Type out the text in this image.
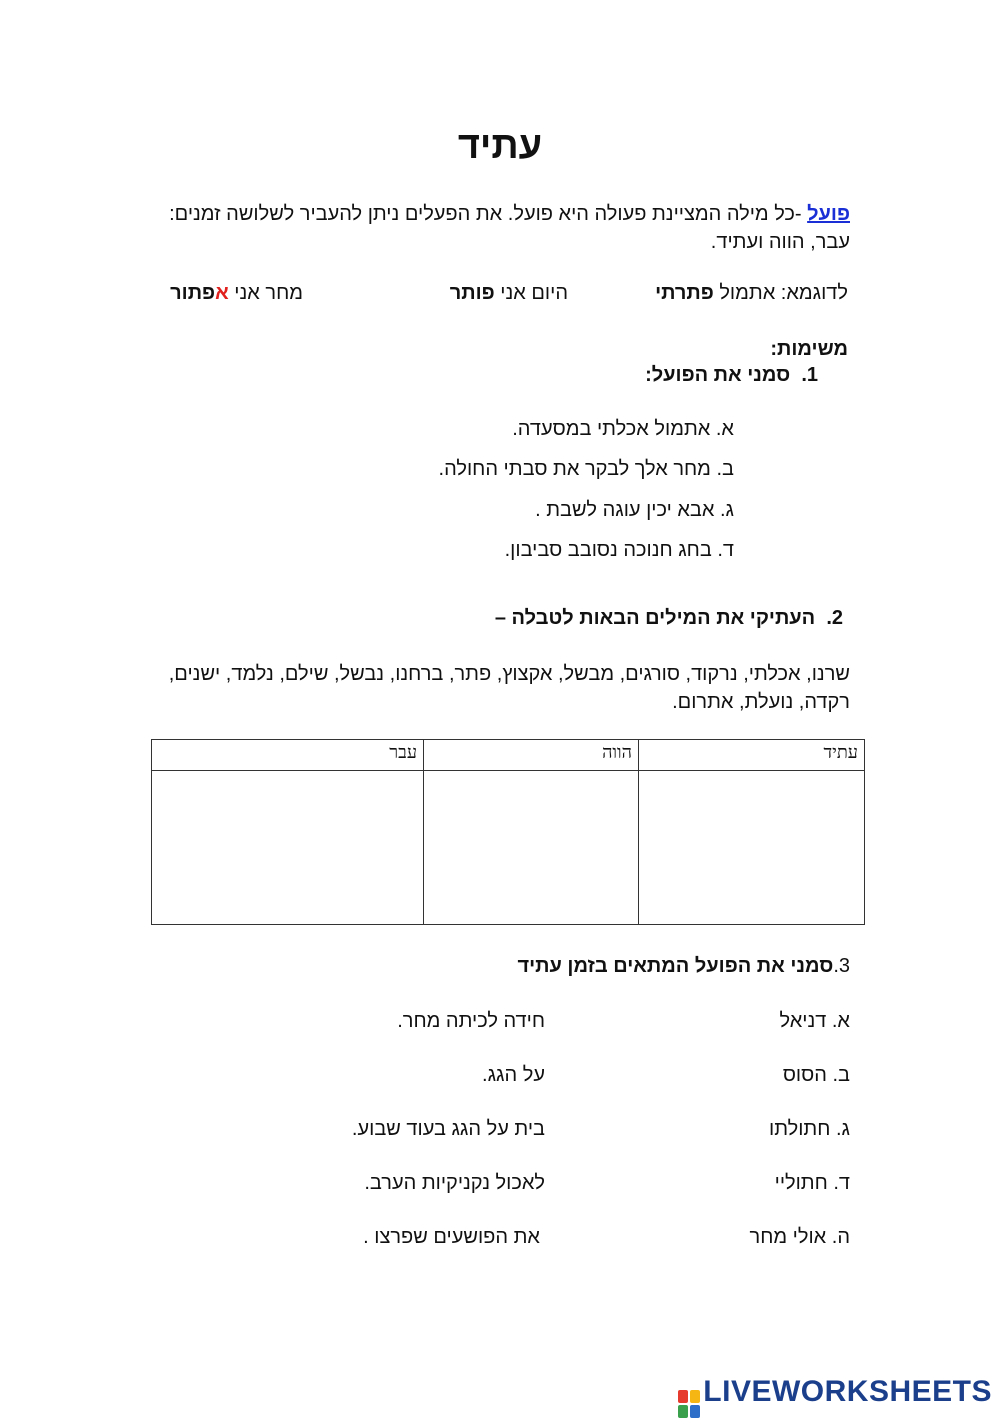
עתיד
פועל -כל מילה המציינת פעולה היא פועל. את הפעלים ניתן להעביר לשלושה זמנים: עבר, הווה ועתיד.
לדוגמא: אתמול פתרתי
היום אני פותר
מחר אני אפתור
משימות:
1.  סמני את הפועל:
א. אתמול אכלתי במסעדה.
ב. מחר אלך לבקר את סבתי החולה.
ג. אבא יכין עוגה לשבת .
ד. בחג חנוכה נסובב סביבון.
2.  העתיקי את המילים הבאות לטבלה –
שרנו, אכלתי, נרקוד, סורגים, מבשל, אקצוץ, פתר, ברחנו, נבשל, שילם, נלמד, ישנים, רקדה, נועלת, אתרום.
עתיד	הווה	עבר

3.סמני את הפועל המתאים בזמן עתיד
א. דניאל
חידה לכיתה מחר.
ב. הסוס
על הגג.
ג. חתולתו
בית על הגג בעוד שבוע.
ד. חתוליי
לאכול נקניקיות הערב.
ה. אולי מחר
את הפושעים שפרצו .
LIVEWORKSHEETS
